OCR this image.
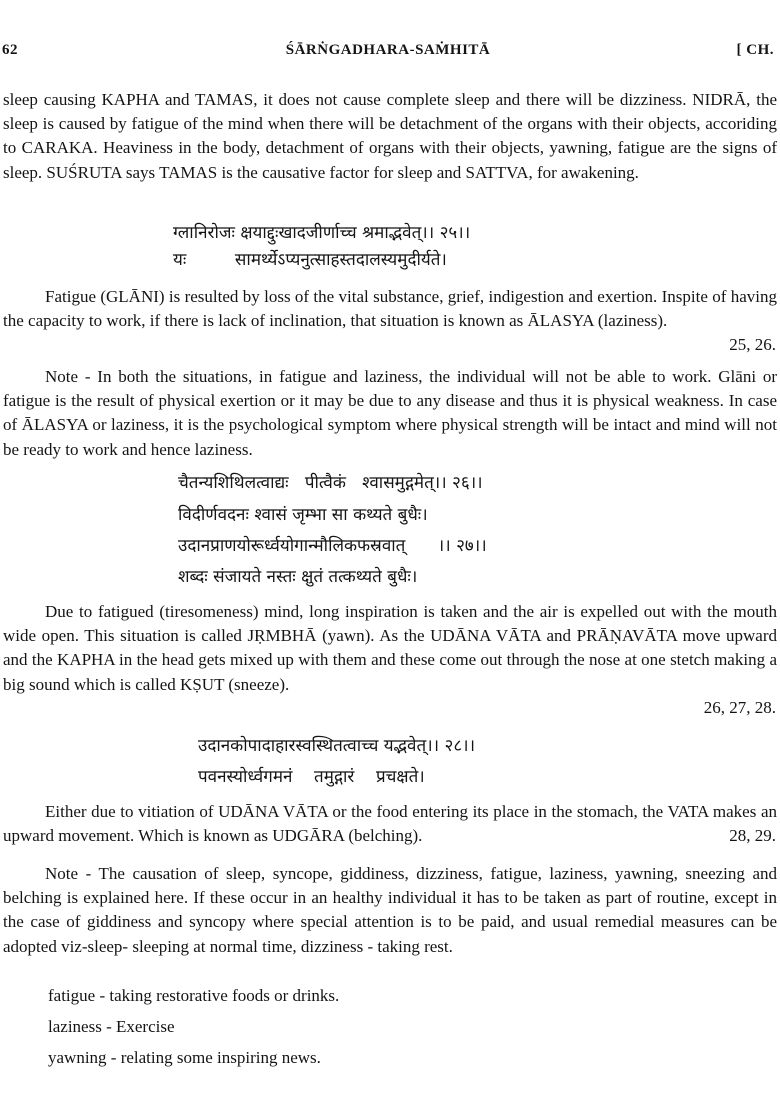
62	ŚĀRṄGADHARA-SAṀHITĀ	[ CH.
sleep causing KAPHA and TAMAS, it does not cause complete sleep and there will be dizziness. NIDRĀ, the sleep is caused by fatigue of the mind when there will be detachment of the organs with their objects, accoriding to CARAKA. Heaviness in the body, detachment of organs with their objects, yawning, fatigue are the signs of sleep. SUŚRUTA says TAMAS is the causative factor for sleep and SATTVA, for awakening.
ग्लानिरोजः क्षयाद्दुःखादजीर्णाच्च श्रमाद्भवेत्।। २५।।
यः         सामर्थ्येऽप्यनुत्साहस्तदालस्यमुदीर्यते।
Fatigue (GLĀNI) is resulted by loss of the vital substance, grief, indigestion and exertion. Inspite of having the capacity to work, if there is lack of inclination, that situation is known as ĀLASYA (laziness).
25, 26.
Note - In both the situations, in fatigue and laziness, the individual will not be able to work. Glāni or fatigue is the result of physical exertion or it may be due to any disease and thus it is physical weakness. In case of ĀLASYA or laziness, it is the psychological symptom where physical strength will be intact and mind will not be ready to work and hence laziness.
चैतन्यशिथिलत्वाद्यः   पीत्वैकं   श्वासमुद्गमेत्।। २६।।
विदीर्णवदनः श्वासं जृम्भा सा कथ्यते बुधैः।
उदानप्राणयोरूर्ध्वयोगान्मौलिकफस्रवात्      ।। २७।।
शब्दः संजायते नस्तः क्षुतं तत्कथ्यते बुधैः।
Due to fatigued (tiresomeness) mind, long inspiration is taken and the air is expelled out with the mouth wide open. This situation is called JṚMBHĀ (yawn). As the UDĀNA VĀTA and PRĀṆAVĀTA move upward and the KAPHA in the head gets mixed up with them and these come out through the nose at one stetch making a big sound which is called KṢUT (sneeze).
26, 27, 28.
उदानकोपादाहारस्वस्थितत्वाच्च यद्भवेत्।। २८।।
पवनस्योर्ध्वगमनं    तमुद्गारं    प्रचक्षते।
Either due to vitiation of UDĀNA VĀTA or the food entering its place in the stomach, the VATA makes an upward movement. Which is known as UDGĀRA (belching).	28, 29.
Note - The causation of sleep, syncope, giddiness, dizziness, fatigue, laziness, yawning, sneezing and belching is explained here. If these occur in an healthy individual it has to be taken as part of routine, except in the case of giddiness and syncopy where special attention is to be paid, and usual remedial measures can be adopted viz-sleep- sleeping at normal time, dizziness - taking rest.
fatigue - taking restorative foods or drinks.
laziness - Exercise
yawning - relating some inspiring news.
